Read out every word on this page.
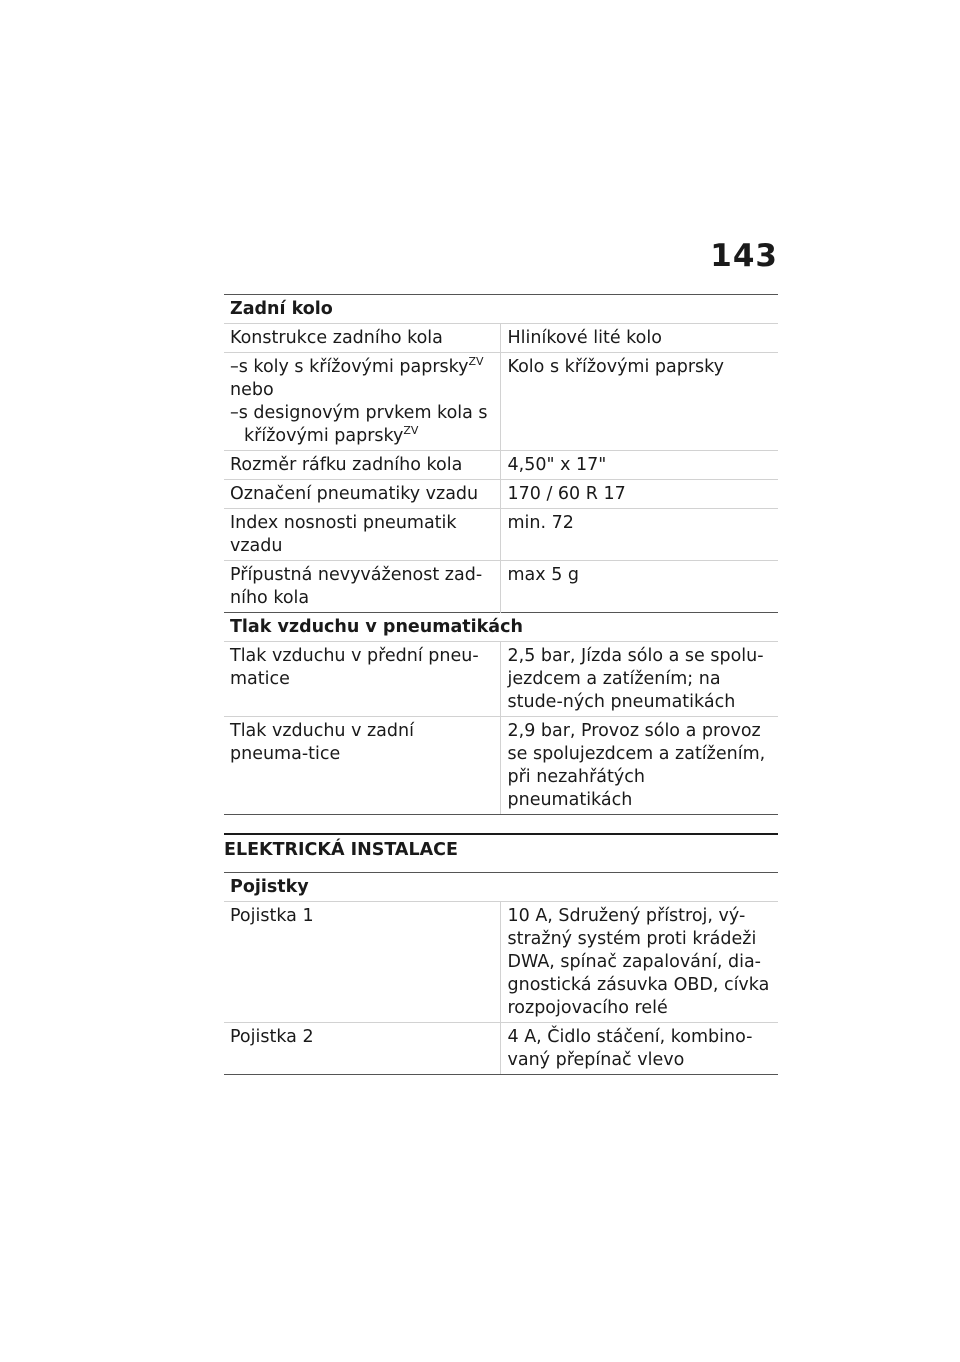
143
Zadní kolo	
Konstrukce zadního kola	Hliníkové lité kolo

–s koly s křížovými paprsky$^{ZV}$
nebo
–s designovým prvkem kola s křížovými paprsky$^{ZV}$	Kolo s křížovými paprsky
Rozměr ráfku zadního kola	4,50" x 17"
Označení pneumatiky vzadu	170 / 60 R 17
Index nosnosti pneumatik vzadu	min. 72
Přípustná nevyváženost zad-ního kola	max 5 g
Tlak vzduchu v pneumatikách	
Tlak vzduchu v přední pneu-matice	2,5 bar, Jízda sólo a se spolu-jezdcem a zatížením; na stude-ných pneumatikách
Tlak vzduchu v zadní pneuma-tice	2,9 bar, Provoz sólo a provoz se spolujezdcem a zatížením, při nezahřátých pneumatikách
ELEKTRICKÁ INSTALACE
Pojistky	
Pojistka 1	10 A, Sdružený přístroj, vý-stražný systém proti krádeži DWA, spínač zapalování, dia-gnostická zásuvka OBD, cívka rozpojovacího relé
Pojistka 2	4 A, Čidlo stáčení, kombino-vaný přepínač vlevo
